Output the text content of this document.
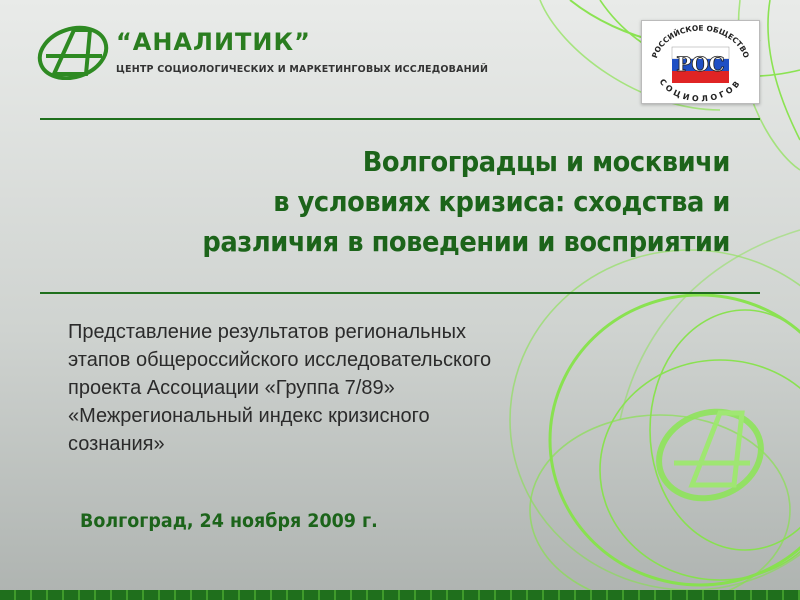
“АНАЛИТИК”
ЦЕНТР СОЦИОЛОГИЧЕСКИХ И МАРКЕТИНГОВЫХ ИССЛЕДОВАНИЙ
РОССИЙСКОЕ ОБЩЕСТВО
СОЦИОЛОГОВ
РОС
Волгоградцы и москвичи
в условиях кризиса: сходства и
различия в поведении и восприятии
Представление результатов региональных
этапов общероссийского исследовательского
проекта Ассоциации «Группа 7/89»
«Межрегиональный индекс кризисного
сознания»
Волгоград, 24 ноября 2009 г.
